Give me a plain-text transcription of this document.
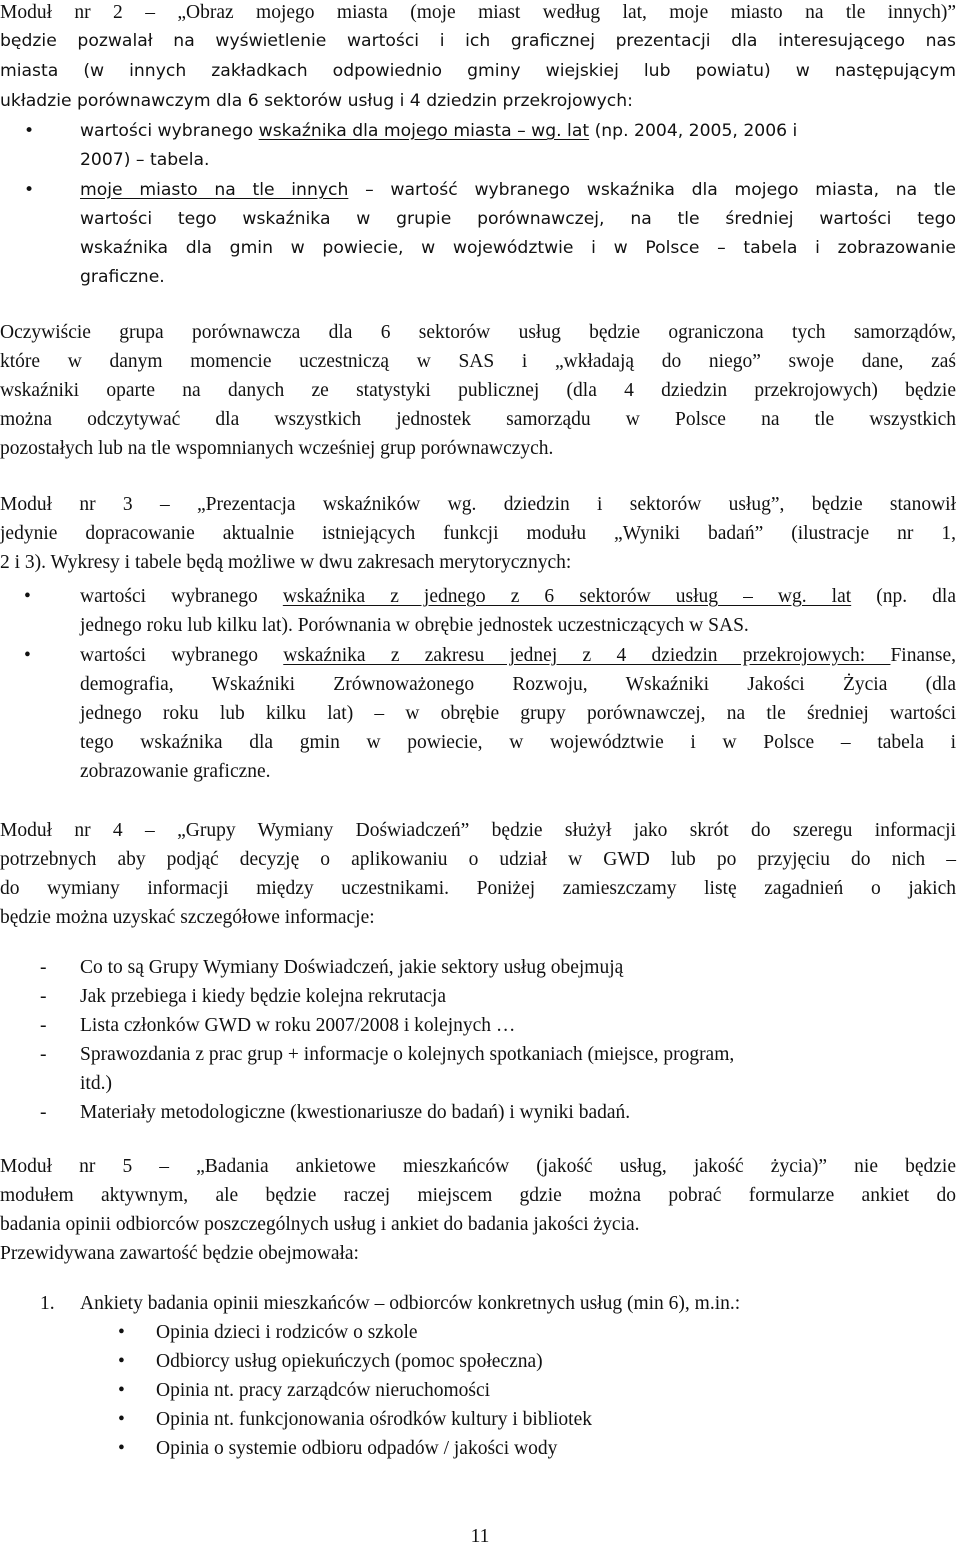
Moduł nr 2 – „Obraz mojego miasta (moje miast według lat, moje miasto na tle innych)”
będzie pozwalał na wyświetlenie wartości i ich graficznej prezentacji dla interesującego nas
miasta (w innych zakładkach odpowiednio gminy wiejskiej lub powiatu) w następującym
układzie porównawczym dla 6 sektorów usług i 4 dziedzin przekrojowych:
•	wartości wybranego wskaźnika dla mojego miasta – wg. lat (np. 2004, 2005, 2006 i
2007) – tabela.
•	moje miasto na tle innych – wartość wybranego wskaźnika dla mojego miasta, na tle
wartości tego wskaźnika w grupie porównawczej, na tle średniej wartości tego
wskaźnika dla gmin w powiecie, w województwie i w Polsce – tabela i zobrazowanie
graficzne.
Oczywiście grupa porównawcza dla 6 sektorów usług będzie ograniczona tych samorządów,
które w danym momencie uczestniczą w SAS i „wkładają do niego” swoje dane, zaś
wskaźniki oparte na danych ze statystyki publicznej (dla 4 dziedzin przekrojowych) będzie
można odczytywać dla wszystkich jednostek samorządu w Polsce na tle wszystkich
pozostałych lub na tle wspomnianych wcześniej grup porównawczych.
Moduł nr 3 – „Prezentacja wskaźników wg. dziedzin i sektorów usług”, będzie stanowił
jedynie dopracowanie aktualnie istniejących funkcji modułu „Wyniki badań” (ilustracje nr 1,
2 i 3). Wykresy i tabele będą możliwe w dwu zakresach merytorycznych:
•	wartości wybranego wskaźnika z jednego z 6 sektorów usług – wg. lat (np. dla
jednego roku lub kilku lat). Porównania w obrębie jednostek uczestniczących w SAS.
•	wartości wybranego wskaźnika z zakresu jednej z 4 dziedzin przekrojowych: Finanse,
demografia, Wskaźniki Zrównoważonego Rozwoju, Wskaźniki Jakości Życia (dla
jednego roku lub kilku lat) – w obrębie grupy porównawczej, na tle średniej wartości
tego wskaźnika dla gmin w powiecie, w województwie i w Polsce – tabela i
zobrazowanie graficzne.
Moduł nr 4 – „Grupy Wymiany Doświadczeń” będzie służył jako skrót do szeregu informacji
potrzebnych aby podjąć decyzję o aplikowaniu o udział w GWD lub po przyjęciu do nich –
do wymiany informacji między uczestnikami. Poniżej zamieszczamy listę zagadnień o jakich
będzie można uzyskać szczegółowe informacje:
- Co to są Grupy Wymiany Doświadczeń, jakie sektory usług obejmują
- Jak przebiega i kiedy będzie kolejna rekrutacja
- Lista członków GWD w roku 2007/2008 i kolejnych …
- Sprawozdania z prac grup + informacje o kolejnych spotkaniach (miejsce, program,
itd.)
- Materiały metodologiczne (kwestionariusze do badań) i wyniki badań.
Moduł nr 5 – „Badania ankietowe mieszkańców (jakość usług, jakość życia)” nie będzie
modułem aktywnym, ale będzie raczej miejscem gdzie można pobrać formularze ankiet do
badania opinii odbiorców poszczególnych usług i ankiet do badania jakości życia.
Przewidywana zawartość będzie obejmowała:
1. Ankiety badania opinii mieszkańców – odbiorców konkretnych usług (min 6), m.in.:
• Opinia dzieci i rodziców o szkole
• Odbiorcy usług opiekuńczych (pomoc społeczna)
• Opinia nt. pracy zarządców nieruchomości
• Opinia nt. funkcjonowania ośrodków kultury i bibliotek
• Opinia o systemie odbioru odpadów / jakości wody
11
